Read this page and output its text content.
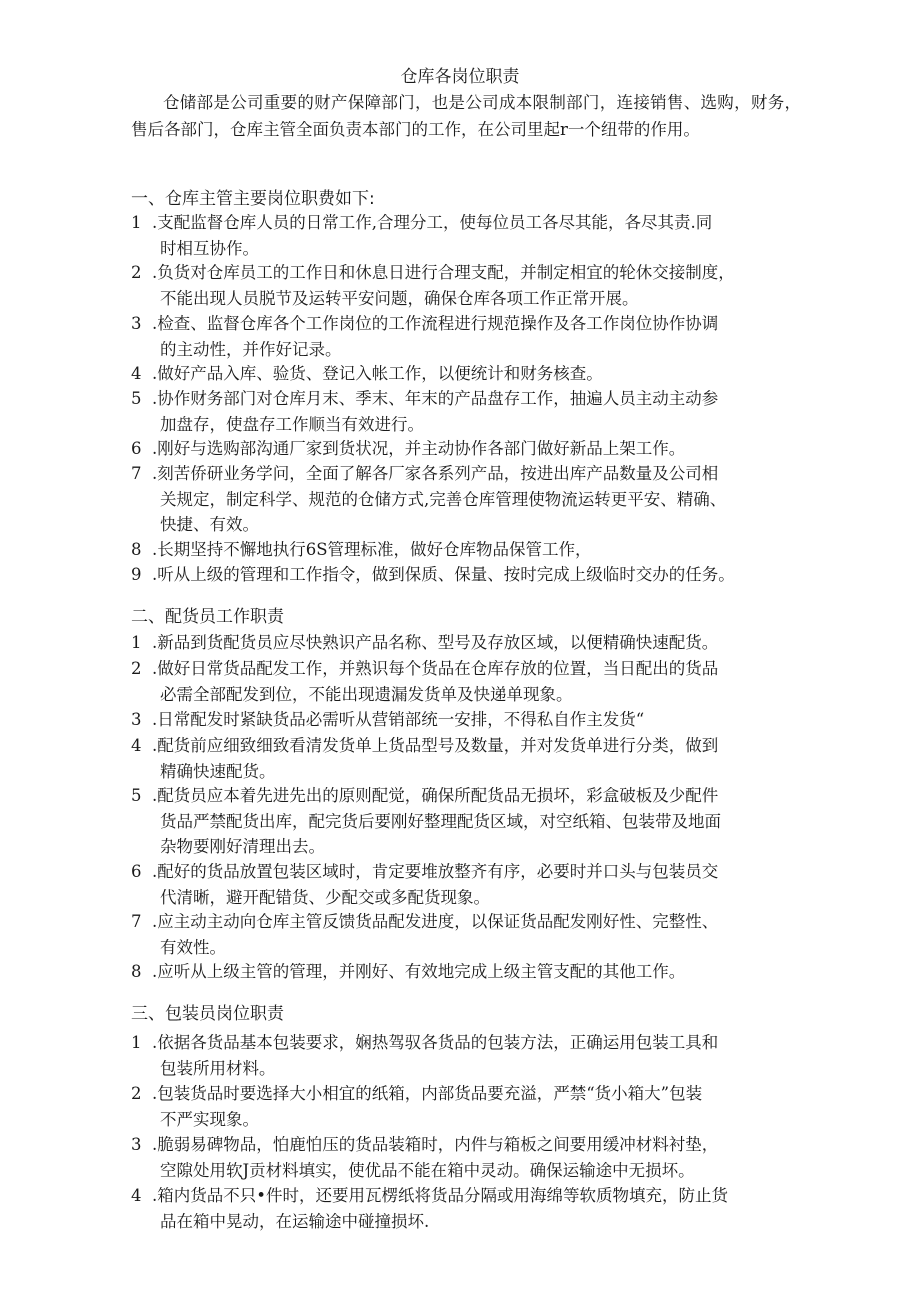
仓库各岗位职责
仓储部是公司重要的财产保障部门，也是公司成本限制部门，连接销售、选购，财务，售后各部门，仓库主管全面负责本部门的工作，在公司里起r一个纽带的作用。
一、仓库主管主要岗位职费如下:
1 .支配监督仓库人员的日常工作,合理分工，使每位员工各尽其能，各尽其责.同
时相互协作。
2 .负货对仓库员工的工作日和休息日进行合理支配，并制定相宜的轮休交接制度，
不能出现人员脱节及运转平安问题，确保仓库各项工作正常开展。
3 .检查、监督仓库各个工作岗位的工作流程进行规范操作及各工作岗位协作协调
的主动性，并作好记录。
4 .做好产品入库、验货、登记入帐工作，以便统计和财务核查。
5 .协作财务部门对仓库月末、季末、年末的产品盘存工作，抽遍人员主动主动参
加盘存，使盘存工作顺当有效进行。
6 .刚好与选购部沟通厂家到货状况，并主动协作各部门做好新品上架工作。
7 .刻苦侨研业务学问，全面了解各厂家各系列产品，按进出库产品数量及公司相
关规定，制定科学、规范的仓储方式,完善仓库管理使物流运转更平安、精确、
快捷、有效。
8 .长期坚持不懈地执行6S管理标准，做好仓库物品保管工作，
9 .听从上级的管理和工作指令，做到保质、保量、按时完成上级临时交办的任务。
二、配货员工作职责
1 .新品到货配货员应尽快熟识产品名称、型号及存放区域，以便精确快速配货。
2 .做好日常货品配发工作，并熟识每个货品在仓库存放的位置，当日配出的货品
必需全部配发到位，不能出现遗漏发货单及快递单现象。
3 .日常配发时紧缺货品必需听从营销部统一安排，不得私自作主发货“
4 .配货前应细致细致看清发货单上货品型号及数量，并对发货单进行分类，做到
精确快速配货。
5 .配货员应本着先进先出的原则配觉，确保所配货品无损坏，彩盒破板及少配件
货品严禁配货出库，配完货后要刚好整理配货区域，对空纸箱、包装带及地面
杂物要刚好清理出去。
6 .配好的货品放置包装区域时，肯定要堆放整齐有序，必要时并口头与包装员交
代清晰，避开配错货、少配交或多配货现象。
7 .应主动主动向仓库主管反馈货品配发进度，以保证货品配发刚好性、完整性、
有效性。
8 .应听从上级主管的管理，并刚好、有效地完成上级主管支配的其他工作。
三、包装员岗位职责
1 .依据各货品基本包装要求，娴热驾驭各货品的包装方法，正确运用包装工具和
包装所用材料。
2 .包装货品时要选择大小相宜的纸箱，内部货品要充溢，严禁“货小箱大”包装
不严实现象。
3 .脆弱易碑物品，怕鹿怕压的货品装箱时，内件与箱板之间要用缓冲材料衬垫，
空隙处用软J贡材料填实，使优品不能在箱中灵动。确保运输途中无损坏。
4 .箱内货品不只•件时，还要用瓦楞纸将货品分隔或用海绵等软质物填充，防止货
品在箱中晃动，在运输途中碰撞损坏.
